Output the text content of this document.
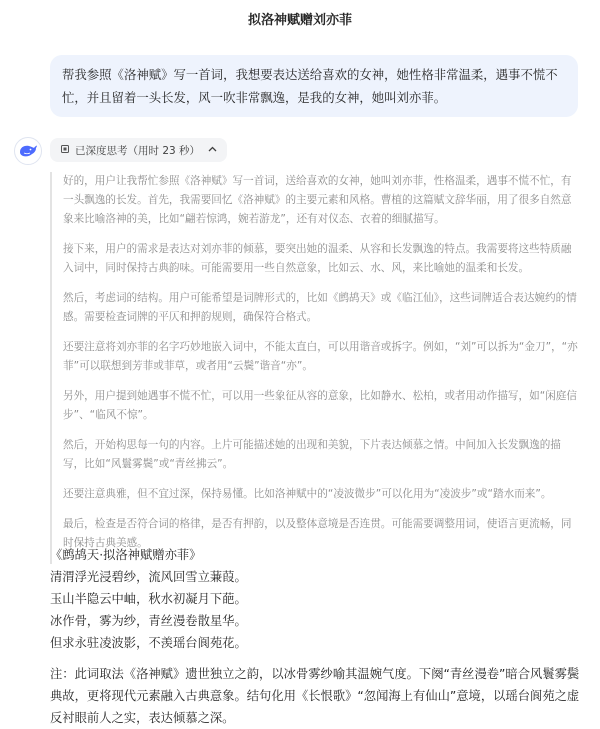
拟洛神赋赠刘亦菲
帮我参照《洛神赋》写一首词，我想要表达送给喜欢的女神，她性格非常温柔，遇事不慌不忙，并且留着一头长发，风一吹非常飘逸，是我的女神，她叫刘亦菲。
已深度思考（用时 23 秒）

好的，用户让我帮忙参照《洛神赋》写一首词，送给喜欢的女神，她叫刘亦菲，性格温柔，遇事不慌不忙，有一头飘逸的长发。首先，我需要回忆《洛神赋》的主要元素和风格。曹植的这篇赋文辞华丽，用了很多自然意象来比喻洛神的美，比如“翩若惊鸿，婉若游龙”，还有对仪态、衣着的细腻描写。

接下来，用户的需求是表达对刘亦菲的倾慕，要突出她的温柔、从容和长发飘逸的特点。我需要将这些特质融入词中，同时保持古典韵味。可能需要用一些自然意象，比如云、水、风，来比喻她的温柔和长发。

然后，考虑词的结构。用户可能希望是词牌形式的，比如《鹧鸪天》或《临江仙》，这些词牌适合表达婉约的情感。需要检查词牌的平仄和押韵规则，确保符合格式。

还要注意将刘亦菲的名字巧妙地嵌入词中，不能太直白，可以用谐音或拆字。例如，“刘”可以拆为“金刀”，“亦菲”可以联想到芳菲或菲草，或者用“云鬓”谐音“亦”。

另外，用户提到她遇事不慌不忙，可以用一些象征从容的意象，比如静水、松柏，或者用动作描写，如“闲庭信步”、“临风不惊”。

然后，开始构思每一句的内容。上片可能描述她的出现和美貌，下片表达倾慕之情。中间加入长发飘逸的描写，比如“风鬟雾鬓”或“青丝拂云”。

还要注意典雅，但不宜过深，保持易懂。比如洛神赋中的“凌波微步”可以化用为“凌波步”或“踏水而来”。

最后，检查是否符合词的格律，是否有押韵，以及整体意境是否连贯。可能需要调整用词，使语言更流畅，同时保持古典美感。

《鹧鸪天·拟洛神赋赠亦菲》
清渭浮光浸碧纱，流风回雪立蒹葭。
玉山半隐云中岫，秋水初凝月下葩。
冰作骨，雾为纱，青丝漫卷散星华。
但求永驻凌波影，不羡瑶台阆苑花。
注：此词取法《洛神赋》遗世独立之韵，以冰骨雾纱喻其温婉气度。下阕“青丝漫卷”暗合风鬟雾鬓典故，更将现代元素融入古典意象。结句化用《长恨歌》“忽闻海上有仙山”意境，以瑶台阆苑之虚反衬眼前人之实，表达倾慕之深。
